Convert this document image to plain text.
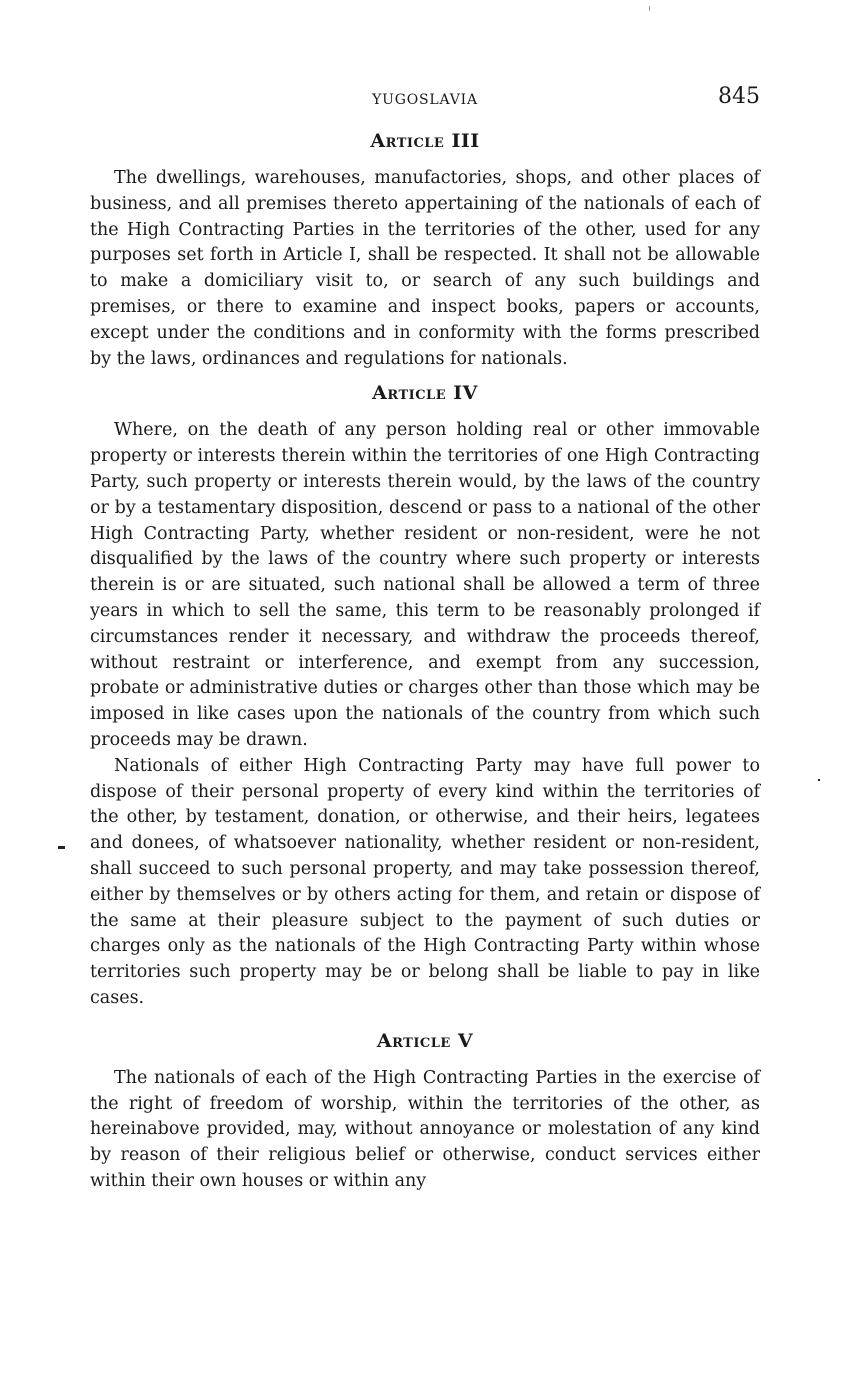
YUGOSLAVIA	845
Article III

The dwellings, warehouses, manufactories, shops, and other places of business, and all premises thereto appertaining of the nationals of each of the High Contracting Parties in the territories of the other, used for any purposes set forth in Article I, shall be respected. It shall not be allowable to make a domiciliary visit to, or search of any such buildings and premises, or there to examine and inspect books, papers or accounts, except under the conditions and in conformity with the forms prescribed by the laws, ordinances and regulations for nationals.

Article IV

Where, on the death of any person holding real or other immovable property or interests therein within the territories of one High Contracting Party, such property or interests therein would, by the laws of the country or by a testamentary disposition, descend or pass to a national of the other High Contracting Party, whether resident or non-resident, were he not disqualified by the laws of the country where such property or interests therein is or are situated, such national shall be allowed a term of three years in which to sell the same, this term to be reasonably prolonged if circumstances render it necessary, and withdraw the proceeds thereof, without restraint or interference, and exempt from any succession, probate or administrative duties or charges other than those which may be imposed in like cases upon the nationals of the country from which such proceeds may be drawn.

Nationals of either High Contracting Party may have full power to dispose of their personal property of every kind within the territories of the other, by testament, donation, or otherwise, and their heirs, legatees and donees, of whatsoever nationality, whether resident or non-resident, shall succeed to such personal property, and may take possession thereof, either by themselves or by others acting for them, and retain or dispose of the same at their pleasure subject to the payment of such duties or charges only as the nationals of the High Contracting Party within whose territories such property may be or belong shall be liable to pay in like cases.

Article V

The nationals of each of the High Contracting Parties in the exercise of the right of freedom of worship, within the territories of the other, as hereinabove provided, may, without annoyance or molestation of any kind by reason of their religious belief or otherwise, conduct services either within their own houses or within any
